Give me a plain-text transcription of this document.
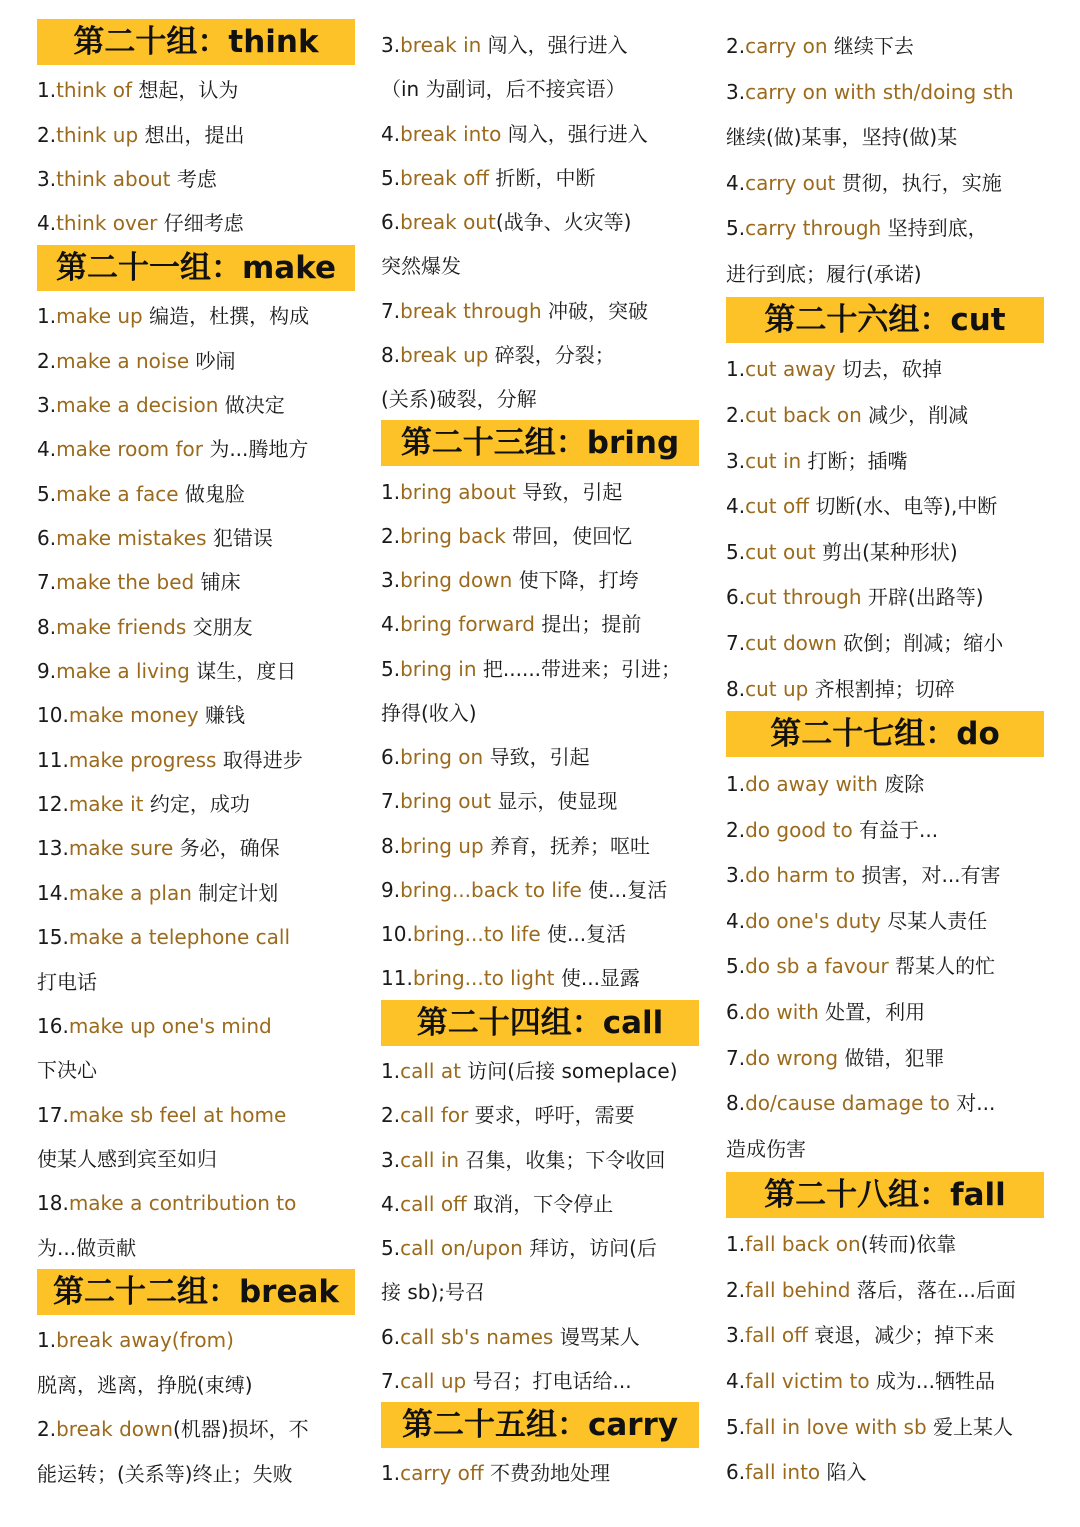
第二十组：think
1.think of 想起，认为
2.think up 想出，提出
3.think about 考虑
4.think over 仔细考虑
第二十一组：make
1.make up 编造，杜撰，构成
2.make a noise 吵闹
3.make a decision 做决定
4.make room for 为...腾地方
5.make a face 做鬼脸
6.make mistakes 犯错误
7.make the bed 铺床
8.make friends 交朋友
9.make a living 谋生，度日
10.make money 赚钱
11.make progress 取得进步
12.make it 约定，成功
13.make sure 务必，确保
14.make a plan 制定计划
15.make a telephone call
打电话
16.make up one's mind
下决心
17.make sb feel at home
使某人感到宾至如归
18.make a contribution to
为...做贡献
第二十二组：break
1.break away(from)
脱离，逃离，挣脱(束缚)
2.break down(机器)损坏，不
能运转；(关系等)终止；失败
3.break in 闯入，强行进入
（in 为副词，后不接宾语）
4.break into 闯入，强行进入
5.break off 折断，中断
6.break out(战争、火灾等)
突然爆发
7.break through 冲破，突破
8.break up 碎裂，分裂；
(关系)破裂，分解
第二十三组：bring
1.bring about 导致，引起
2.bring back 带回，使回忆
3.bring down 使下降，打垮
4.bring forward 提出；提前
5.bring in 把......带进来；引进；
挣得(收入)
6.bring on 导致，引起
7.bring out 显示，使显现
8.bring up 养育，抚养；呕吐
9.bring...back to life 使...复活
10.bring...to life 使...复活
11.bring...to light 使...显露
第二十四组：call
1.call at 访问(后接 someplace)
2.call for 要求，呼吁，需要
3.call in 召集，收集；下令收回
4.call off 取消，下令停止
5.call on/upon 拜访，访问(后
接 sb);号召
6.call sb's names 谩骂某人
7.call up 号召；打电话给...
第二十五组：carry
1.carry off 不费劲地处理
2.carry on 继续下去
3.carry on with sth/doing sth
继续(做)某事，坚持(做)某
4.carry out 贯彻，执行，实施
5.carry through 坚持到底，
进行到底；履行(承诺)
第二十六组：cut
1.cut away 切去，砍掉
2.cut back on 减少，削减
3.cut in 打断；插嘴
4.cut off 切断(水、电等),中断
5.cut out 剪出(某种形状)
6.cut through 开辟(出路等)
7.cut down 砍倒；削减；缩小
8.cut up 齐根割掉；切碎
第二十七组：do
1.do away with 废除
2.do good to 有益于...
3.do harm to 损害，对...有害
4.do one's duty 尽某人责任
5.do sb a favour 帮某人的忙
6.do with 处置，利用
7.do wrong 做错，犯罪
8.do/cause damage to 对...
造成伤害
第二十八组：fall
1.fall back on(转而)依靠
2.fall behind 落后，落在...后面
3.fall off 衰退，减少；掉下来
4.fall victim to 成为...牺牲品
5.fall in love with sb 爱上某人
6.fall into 陷入
